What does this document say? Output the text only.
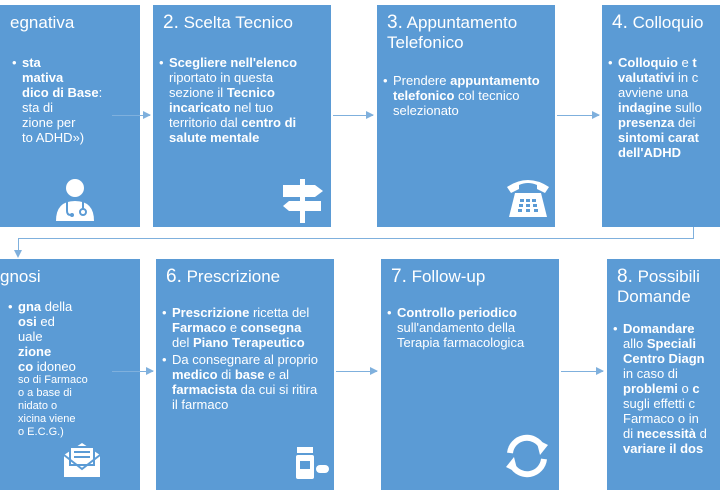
egnativa
• sta
mativa
dico di Base:
sta di
zione per
to ADHD»)
2. Scelta Tecnico
• Scegliere nell'elenco riportato in questa sezione il Tecnico incaricato nel tuo territorio dal centro di salute mentale
3. Appuntamento
Telefonico
• Prendere appuntamento telefonico col tecnico selezionato
4. Colloquio
• Colloquio e t
valutativi in c
avviene una
indagine sullo
presenza dei
sintomi carat
dell'ADHD
gnosi
• gna della
osi ed
uale
zione
co idoneo
so di Farmaco
o a base di
nidato o
xicina viene
o E.C.G.)
6. Prescrizione
• Prescrizione ricetta del Farmaco e consegna del Piano Terapeutico
• Da consegnare al proprio medico di base e al farmacista da cui si ritira il farmaco
7. Follow-up
• Controllo periodico sull'andamento della Terapia farmacologica
8. Possibili
Domande
• Domandare
allo Speciali
Centro Diagn
in caso di
problemi o c
sugli effetti c
Farmaco o in
di necessità d
variare il dos
